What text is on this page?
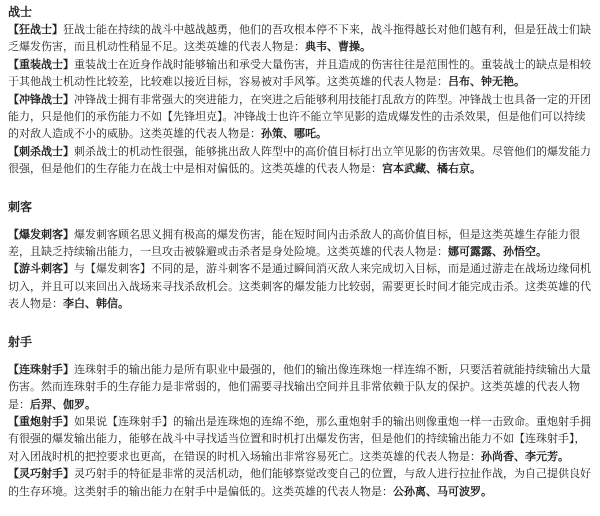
战士

【狂战士】狂战士能在持续的战斗中越战越勇，他们的吾攻根本停不下来，战斗拖得越长对他们越有利，但是狂战士们缺乏爆发伤害，而且机动性稍显不足。这类英雄的代表人物是：典韦、曹操。

【重装战士】重装战士在近身作战时能够输出和承受大量伤害，并且造成的伤害往往是范围性的。重装战士的缺点是相较于其他战士机动性比较差，比较难以接近目标，容易被对手风筝。这类英雄的代表人物是：吕布、钟无艳。

【冲锋战士】冲锋战士拥有非常强大的突进能力，在突进之后能够利用技能打乱敌方的阵型。冲锋战士也具备一定的开团能力，只是他们的承伤能力不如【先锋坦克】。冲锋战士也许不能立竿见影的造成爆发性的击杀效果，但是他们可以持续的对敌人造成不小的威胁。这类英雄的代表人物是：孙策、哪吒。

【刺杀战士】刺杀战士的机动性很强，能够挑出敌人阵型中的高价值目标打出立竿见影的伤害效果。尽管他们的爆发能力很强，但是他们的生存能力在战士中是相对偏低的。这类英雄的代表人物是：宫本武藏、橘右京。

刺客

【爆发刺客】爆发刺客顾名思义拥有极高的爆发伤害，能在短时间内击杀敌人的高价值目标，但是这类英雄生存能力很差，且缺乏持续输出能力，一旦攻击被躲避或击杀者是身处险境。这类英雄的代表人物是：娜可露露、孙悟空。

【游斗刺客】与【爆发刺客】不同的是，游斗刺客不是通过瞬间消灭敌人来完成切入目标，而是通过游走在战场边缘伺机切入，并且可以来回出入战场来寻找杀敌机会。这类刺客的爆发能力比较弱，需要更长时间才能完成击杀。这类英雄的代表人物是：李白、韩信。

射手

【连珠射手】连珠射手的输出能力是所有职业中最强的，他们的输出像连珠炮一样连绵不断，只要活着就能持续输出大量伤害。然而连珠射手的生存能力是非常弱的，他们需要寻找输出空间并且非常依赖于队友的保护。这类英雄的代表人物是：后羿、伽罗。

【重炮射手】如果说【连珠射手】的输出是连珠炮的连绵不绝，那么重炮射手的输出则像重炮一样一击致命。重炮射手拥有很强的爆发输出能力，能够在战斗中寻找适当位置和时机打出爆发伤害，但是他们的持续输出能力不如【连珠射手】，对入团战时机的把控要求也更高，在错误的时机入场输出非常容易死亡。这类英雄的代表人物是：孙尚香、李元芳。

【灵巧射手】灵巧射手的特征是非常的灵活机动，他们能够察觉改变自己的位置，与敌人进行拉扯作战，为自己提供良好的生存环境。这类射手的输出能力在射手中是偏低的。这类英雄的代表人物是：公孙离、马可波罗。
